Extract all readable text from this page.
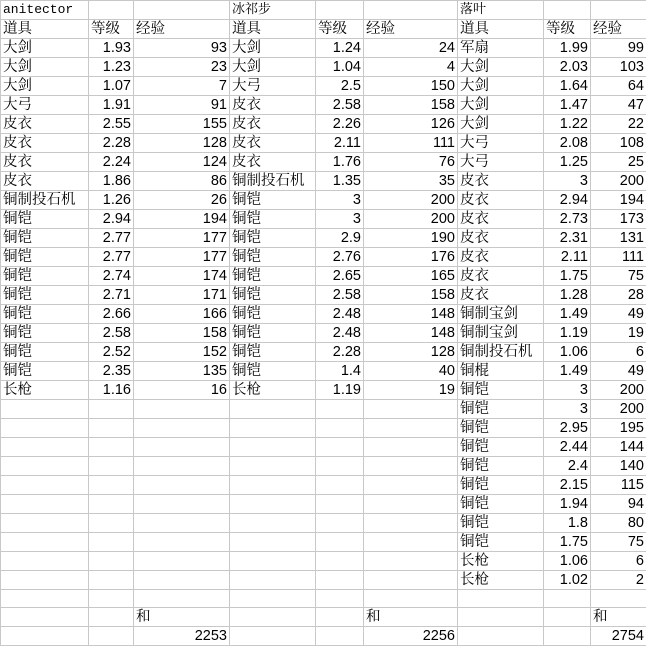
anitector			冰祁步			落叶		
道具	等级	经验	道具	等级	经验	道具	等级	经验
大剑	1.93	93	大剑	1.24	24	军扇	1.99	99
大剑	1.23	23	大剑	1.04	4	大剑	2.03	103
大剑	1.07	7	大弓	2.5	150	大剑	1.64	64
大弓	1.91	91	皮衣	2.58	158	大剑	1.47	47
皮衣	2.55	155	皮衣	2.26	126	大剑	1.22	22
皮衣	2.28	128	皮衣	2.11	111	大弓	2.08	108
皮衣	2.24	124	皮衣	1.76	76	大弓	1.25	25
皮衣	1.86	86	铜制投石机	1.35	35	皮衣	3	200
铜制投石机	1.26	26	铜铠	3	200	皮衣	2.94	194
铜铠	2.94	194	铜铠	3	200	皮衣	2.73	173
铜铠	2.77	177	铜铠	2.9	190	皮衣	2.31	131
铜铠	2.77	177	铜铠	2.76	176	皮衣	2.11	111
铜铠	2.74	174	铜铠	2.65	165	皮衣	1.75	75
铜铠	2.71	171	铜铠	2.58	158	皮衣	1.28	28
铜铠	2.66	166	铜铠	2.48	148	铜制宝剑	1.49	49
铜铠	2.58	158	铜铠	2.48	148	铜制宝剑	1.19	19
铜铠	2.52	152	铜铠	2.28	128	铜制投石机	1.06	6
铜铠	2.35	135	铜铠	1.4	40	铜棍	1.49	49
长枪	1.16	16	长枪	1.19	19	铜铠	3	200
						铜铠	3	200
						铜铠	2.95	195
						铜铠	2.44	144
						铜铠	2.4	140
						铜铠	2.15	115
						铜铠	1.94	94
						铜铠	1.8	80
						铜铠	1.75	75
						长枪	1.06	6
						长枪	1.02	2

		和			和			和
		2253			2256			2754
